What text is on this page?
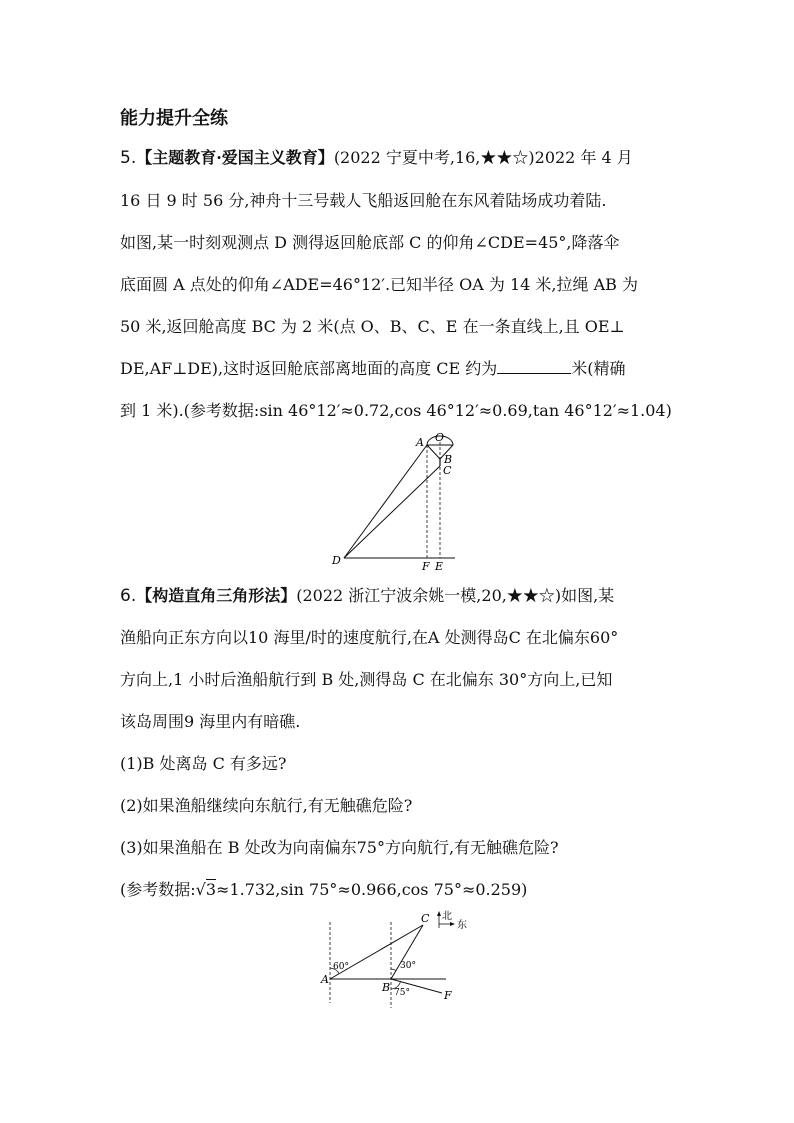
能力提升全练
5.【主题教育·爱国主义教育】(2022 宁夏中考,16,★★☆)2022 年 4 月
16 日 9 时 56 分,神舟十三号载人飞船返回舱在东风着陆场成功着陆.
如图,某一时刻观测点 D 测得返回舱底部 C 的仰角∠CDE=45°,降落伞
底面圆 A 点处的仰角∠ADE=46°12′.已知半径 OA 为 14 米,拉绳 AB 为
50 米,返回舱高度 BC 为 2 米(点 O、B、C、E 在一条直线上,且 OE⊥
DE,AF⊥DE),这时返回舱底部离地面的高度 CE 约为	米(精确
到 1 米).(参考数据:sin 46°12′≈0.72,cos 46°12′≈0.69,tan 46°12′≈1.04)
A O
B
C
D	F E
6.【构造直角三角形法】(2022 浙江宁波余姚一模,20,★★☆)如图,某
渔船向正东方向以10 海里/时的速度航行,在A 处测得岛C 在北偏东60°
方向上,1 小时后渔船航行到 B 处,测得岛 C 在北偏东 30°方向上,已知
该岛周围9 海里内有暗礁.
(1)B 处离岛 C 有多远?
(2)如果渔船继续向东航行,有无触礁危险?
(3)如果渔船在 B 处改为向南偏东75°方向航行,有无触礁危险?
(参考数据:√3≈1.732,sin 75°≈0.966,cos 75°≈0.259)
北
东
C
A
B
F
60°	30°
75°
